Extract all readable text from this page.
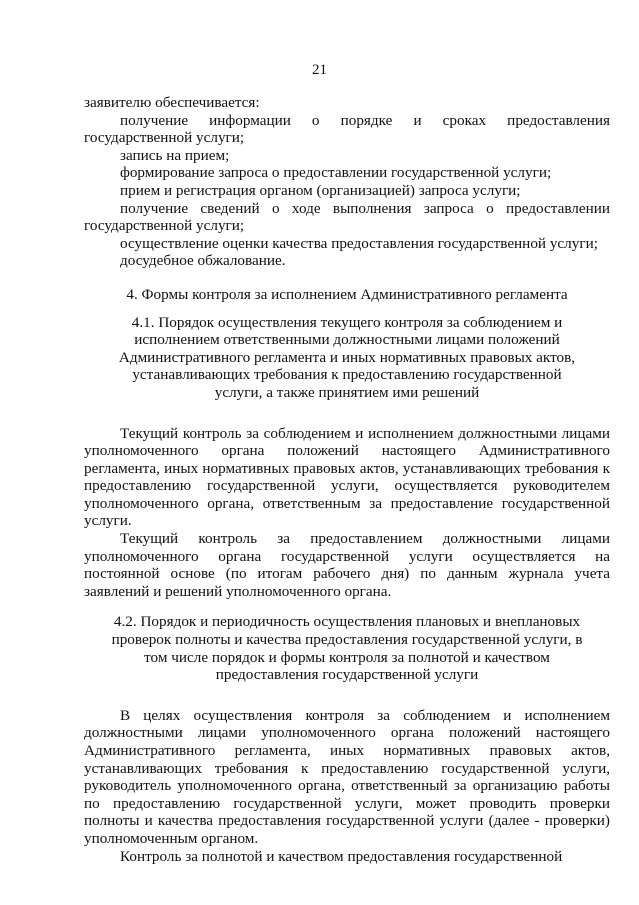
21

заявителю обеспечивается:

получение информации о порядке и сроках предоставления государственной услуги;

запись на прием;

формирование запроса о предоставлении государственной услуги;

прием и регистрация органом (организацией) запроса услуги;

получение сведений о ходе выполнения запроса о предоставлении государственной услуги;

осуществление оценки качества предоставления государственной услуги;

досудебное обжалование.

4. Формы контроля за исполнением Административного регламента

4.1. Порядок осуществления текущего контроля за соблюдением и исполнением ответственными должностными лицами положений Административного регламента и иных нормативных правовых актов, устанавливающих требования к предоставлению государственной услуги, а также принятием ими решений

Текущий контроль за соблюдением и исполнением должностными лицами уполномоченного органа положений настоящего Административного регламента, иных нормативных правовых актов, устанавливающих требования к предоставлению государственной услуги, осуществляется руководителем уполномоченного органа, ответственным за предоставление государственной услуги.

Текущий контроль за предоставлением должностными лицами уполномоченного органа государственной услуги осуществляется на постоянной основе (по итогам рабочего дня) по данным журнала учета заявлений и решений уполномоченного органа.

4.2. Порядок и периодичность осуществления плановых и внеплановых проверок полноты и качества предоставления государственной услуги, в том числе порядок и формы контроля за полнотой и качеством предоставления государственной услуги

В целях осуществления контроля за соблюдением и исполнением должностными лицами уполномоченного органа положений настоящего Административного регламента, иных нормативных правовых актов, устанавливающих требования к предоставлению государственной услуги, руководитель уполномоченного органа, ответственный за организацию работы по предоставлению государственной услуги, может проводить проверки полноты и качества предоставления государственной услуги (далее - проверки) уполномоченным органом.

Контроль за полнотой и качеством предоставления государственной
